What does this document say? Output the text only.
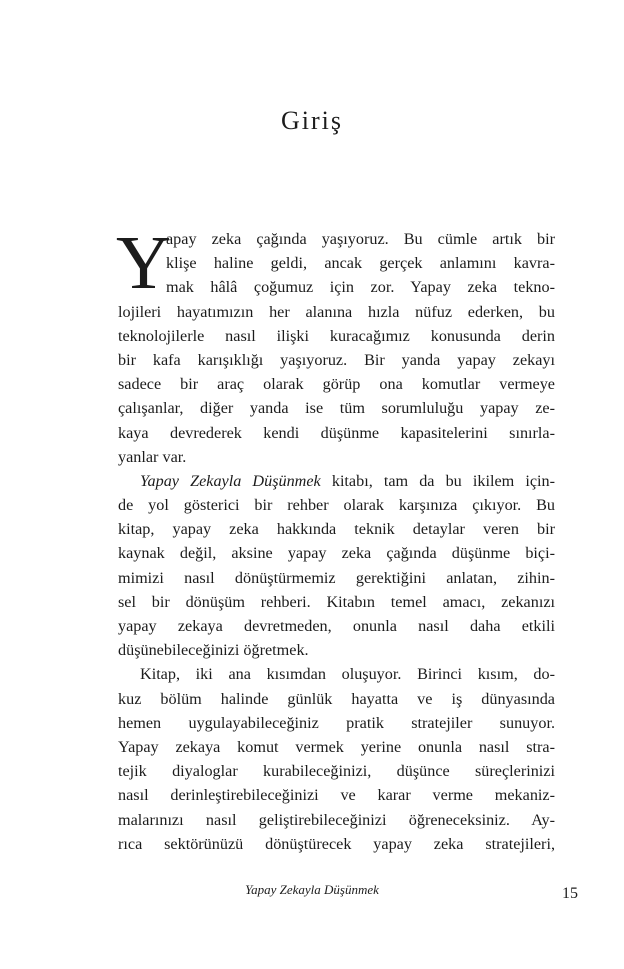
Giriş
Y
apay zeka çağında yaşıyoruz. Bu cümle artık bir
klişe haline geldi, ancak gerçek anlamını kavra-
mak hâlâ çoğumuz için zor. Yapay zeka tekno-
lojileri hayatımızın her alanına hızla nüfuz ederken, bu
teknolojilerle nasıl ilişki kuracağımız konusunda derin
bir kafa karışıklığı yaşıyoruz. Bir yanda yapay zekayı
sadece bir araç olarak görüp ona komutlar vermeye
çalışanlar, diğer yanda ise tüm sorumluluğu yapay ze-
kaya devrederek kendi düşünme kapasitelerini sınırla-
yanlar var.
Yapay Zekayla Düşünmek kitabı, tam da bu ikilem için-
de yol gösterici bir rehber olarak karşınıza çıkıyor. Bu
kitap, yapay zeka hakkında teknik detaylar veren bir
kaynak değil, aksine yapay zeka çağında düşünme biçi-
mimizi nasıl dönüştürmemiz gerektiğini anlatan, zihin-
sel bir dönüşüm rehberi. Kitabın temel amacı, zekanızı
yapay zekaya devretmeden, onunla nasıl daha etkili
düşünebileceğinizi öğretmek.
Kitap, iki ana kısımdan oluşuyor. Birinci kısım, do-
kuz bölüm halinde günlük hayatta ve iş dünyasında
hemen uygulayabileceğiniz pratik stratejiler sunuyor.
Yapay zekaya komut vermek yerine onunla nasıl stra-
tejik diyaloglar kurabileceğinizi, düşünce süreçlerinizi
nasıl derinleştirebileceğinizi ve karar verme mekaniz-
malarınızı nasıl geliştirebileceğinizi öğreneceksiniz. Ay-
rıca sektörünüzü dönüştürecek yapay zeka stratejileri,
Yapay Zekayla Düşünmek	15
